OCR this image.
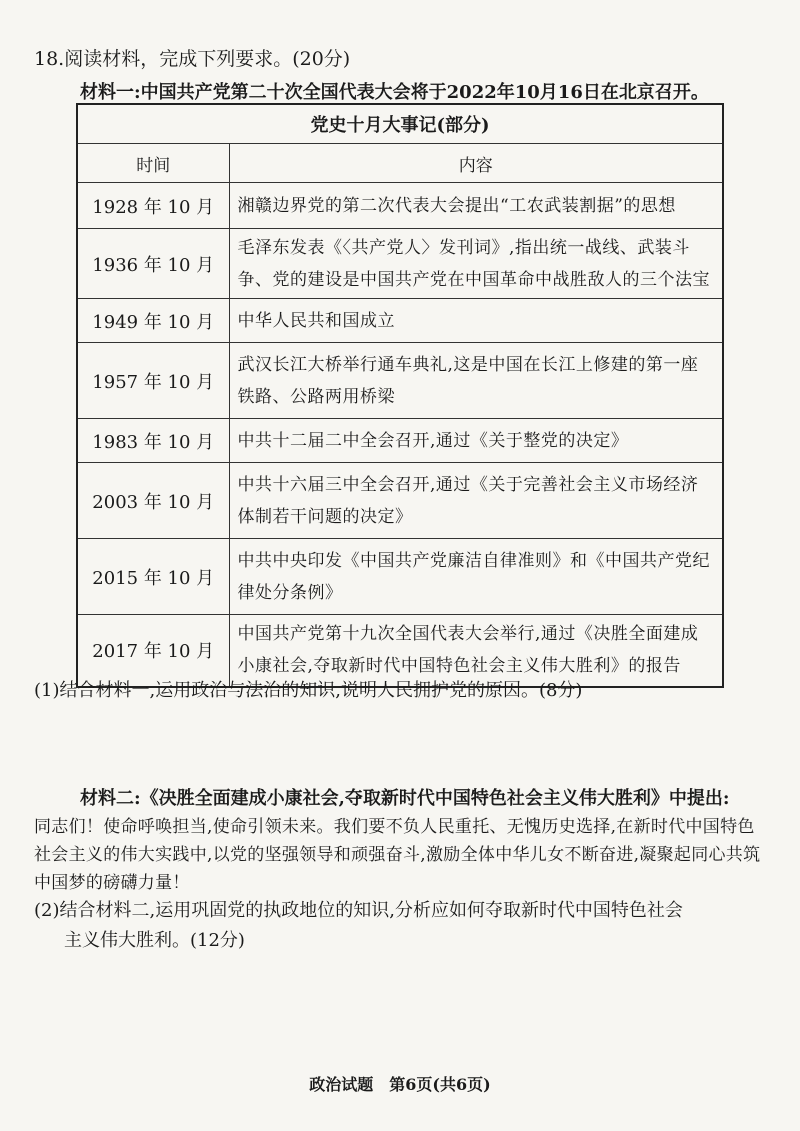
18.阅读材料，完成下列要求。(20分)
材料一:中国共产党第二十次全国代表大会将于2022年10月16日在北京召开。
党史十月大事记(部分)	
时间	内容
1928 年 10 月	湘赣边界党的第二次代表大会提出“工农武装割据”的思想
1936 年 10 月	毛泽东发表《〈共产党人〉发刊词》,指出统一战线、武装斗争、党的建设是中国共产党在中国革命中战胜敌人的三个法宝
1949 年 10 月	中华人民共和国成立
1957 年 10 月	武汉长江大桥举行通车典礼,这是中国在长江上修建的第一座铁路、公路两用桥梁
1983 年 10 月	中共十二届二中全会召开,通过《关于整党的决定》
2003 年 10 月	中共十六届三中全会召开,通过《关于完善社会主义市场经济体制若干问题的决定》
2015 年 10 月	中共中央印发《中国共产党廉洁自律准则》和《中国共产党纪律处分条例》
2017 年 10 月	中国共产党第十九次全国代表大会举行,通过《决胜全面建成小康社会,夺取新时代中国特色社会主义伟大胜利》的报告
(1)结合材料一,运用政治与法治的知识,说明人民拥护党的原因。(8分)
材料二:《决胜全面建成小康社会,夺取新时代中国特色社会主义伟大胜利》中提出:
同志们！使命呼唤担当,使命引领未来。我们要不负人民重托、无愧历史选择,在新时代中国特色社会主义的伟大实践中,以党的坚强领导和顽强奋斗,激励全体中华儿女不断奋进,凝聚起同心共筑中国梦的磅礴力量！
(2)结合材料二,运用巩固党的执政地位的知识,分析应如何夺取新时代中国特色社会
主义伟大胜利。(12分)
政治试题　第6页(共6页)
